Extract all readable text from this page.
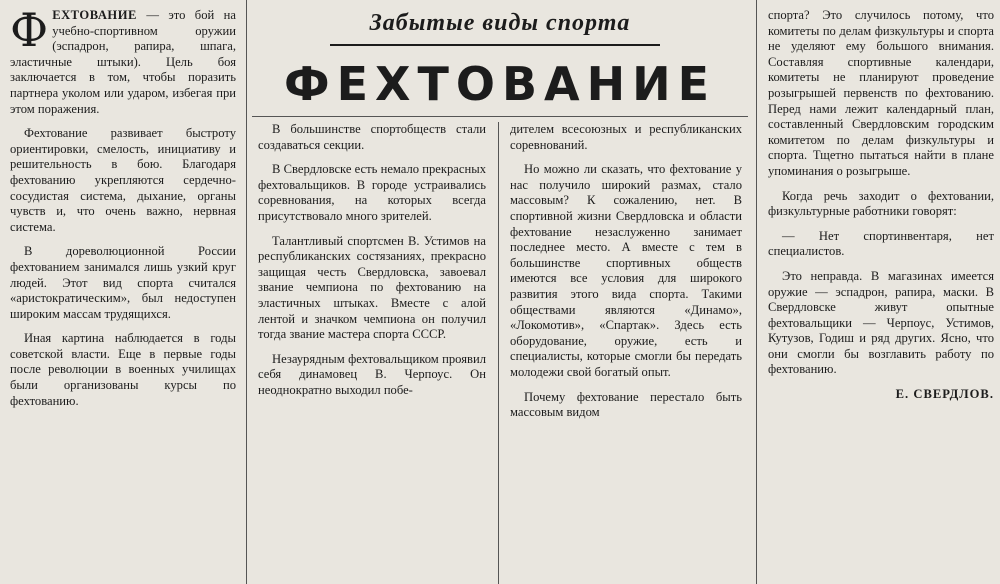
Забытые виды спорта
ФЕХТОВАНИЕ

ФЕХТОВАНИЕ — это бой на учебно-спортивном оружии (эспадрон, рапира, шпага, эластичные штыки). Цель боя заключается в том, чтобы поразить партнера уколом или ударом, избегая при этом поражения.

Фехтование развивает быстроту ориентировки, смелость, инициативу и решительность в бою. Благодаря фехтованию укрепляются сердечно-сосудистая система, дыхание, органы чувств и, что очень важно, нервная система.

В дореволюционной России фехтованием занимался лишь узкий круг людей. Этот вид спорта считался «аристократическим», был недоступен широким массам трудящихся.

Иная картина наблюдается в годы советской власти. Еще в первые годы после революции в военных училищах были организованы курсы по фехтованию.

В большинстве спортобществ стали создаваться секции.

В Свердловске есть немало прекрасных фехтовальщиков. В городе устраивались соревнования, на которых всегда присутствовало много зрителей.

Талантливый спортсмен В. Устимов на республиканских состязаниях, прекрасно защищая честь Свердловска, завоевал звание чемпиона по фехтованию на эластичных штыках. Вместе с алой лентой и значком чемпиона он получил тогда звание мастера спорта СССР.

Незаурядным фехтовальщиком проявил себя динамовец В. Черпоус. Он неоднократно выходил побе-

дителем всесоюзных и республиканских соревнований.

Но можно ли сказать, что фехтование у нас получило широкий размах, стало массовым? К сожалению, нет. В спортивной жизни Свердловска и области фехтование незаслуженно занимает последнее место. А вместе с тем в большинстве спортивных обществ имеются все условия для широкого развития этого вида спорта. Такими обществами являются «Динамо», «Локомотив», «Спартак». Здесь есть оборудование, оружие, есть и специалисты, которые смогли бы передать молодежи свой богатый опыт.

Почему фехтование перестало быть массовым видом

спорта? Это случилось потому, что комитеты по делам физкультуры и спорта не уделяют ему большого внимания. Составляя спортивные календари, комитеты не планируют проведение розыгрышей первенств по фехтованию. Перед нами лежит календарный план, составленный Свердловским городским комитетом по делам физкультуры и спорта. Тщетно пытаться найти в плане упоминания о розыгрыше.

Когда речь заходит о фехтовании, физкультурные работники говорят:

— Нет спортинвентаря, нет специалистов.

Это неправда. В магазинах имеется оружие — эспадрон, рапира, маски. В Свердловске живут опытные фехтовальщики — Черпоус, Устимов, Кутузов, Годиш и ряд других. Ясно, что они смогли бы возглавить работу по фехтованию.

Е. СВЕРДЛОВ.
